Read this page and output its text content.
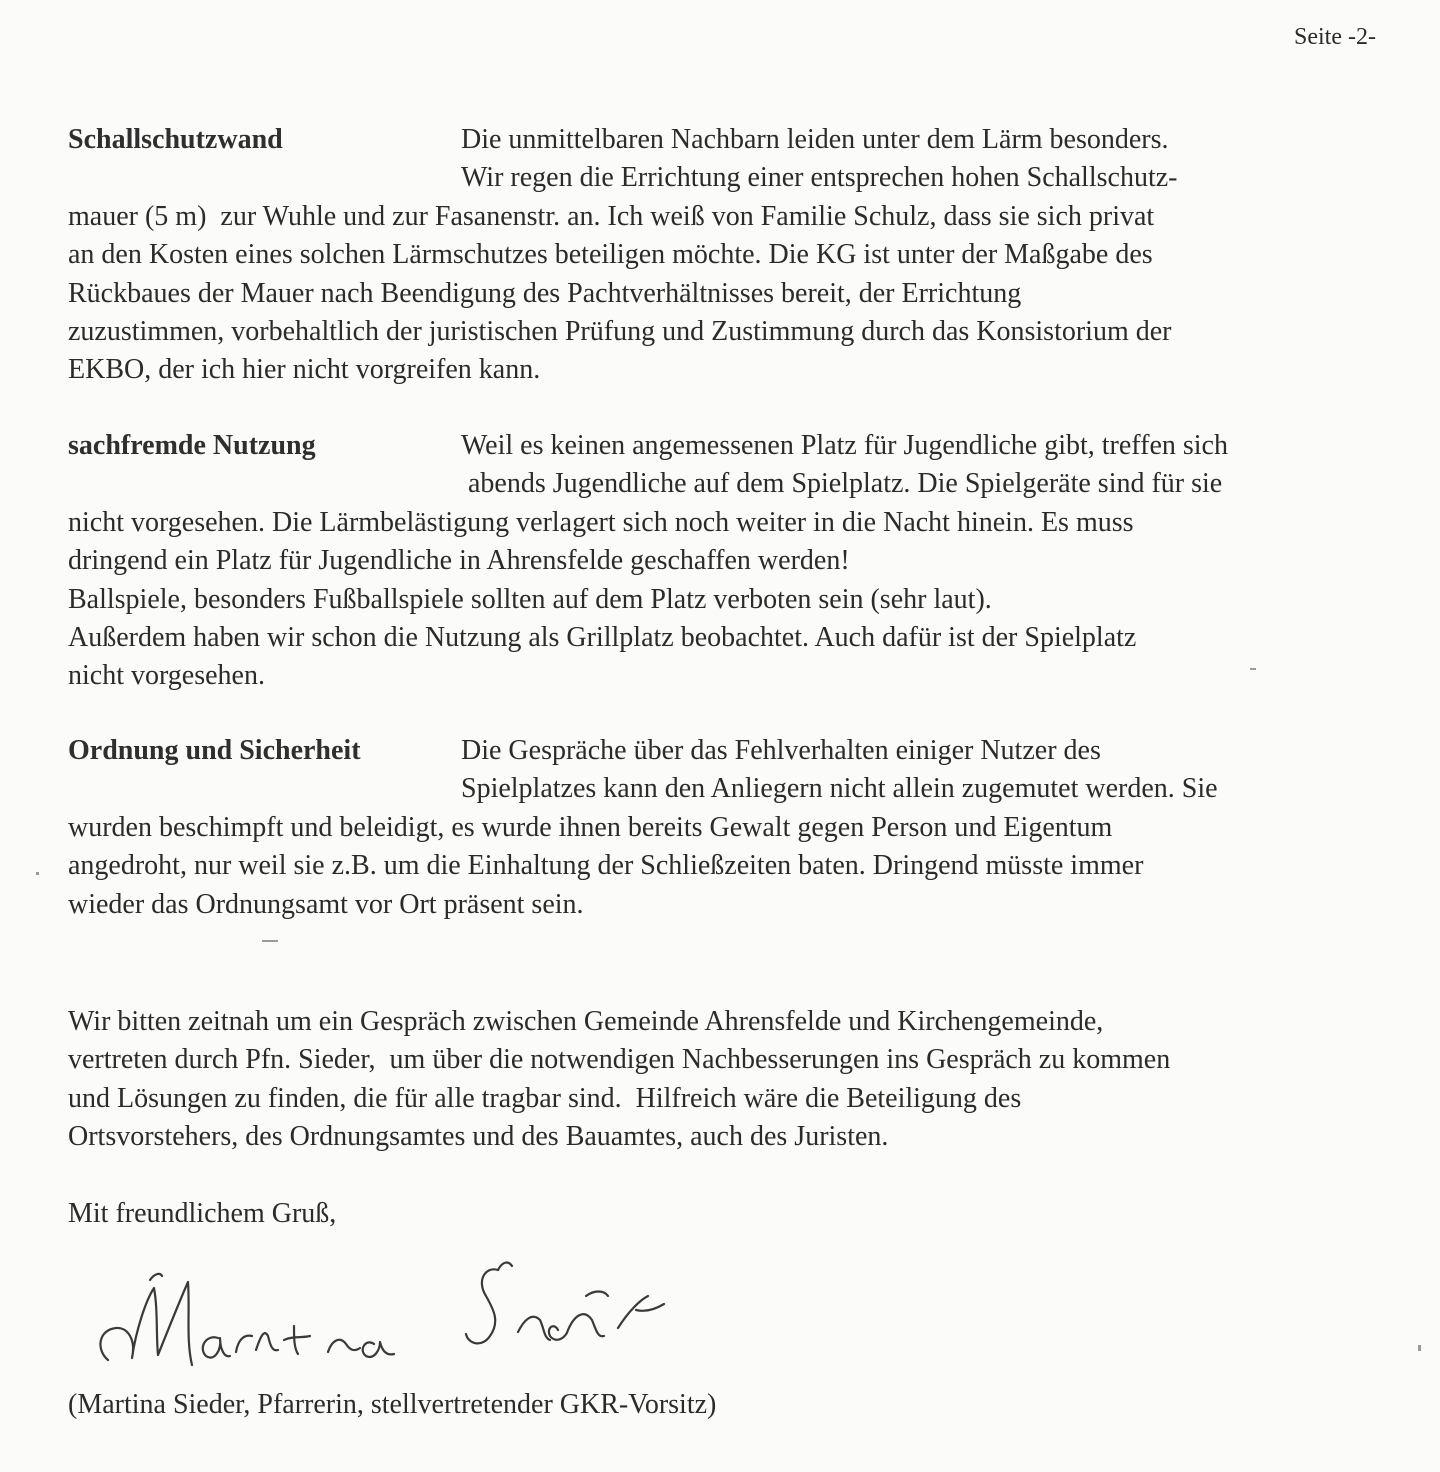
Seite -2-
Schallschutzwand	Die unmittelbaren Nachbarn leiden unter dem Lärm besonders.
Wir regen die Errichtung einer entsprechen hohen Schallschutz-
mauer (5 m)  zur Wuhle und zur Fasanenstr. an. Ich weiß von Familie Schulz, dass sie sich privat
an den Kosten eines solchen Lärmschutzes beteiligen möchte. Die KG ist unter der Maßgabe des
Rückbaues der Mauer nach Beendigung des Pachtverhältnisses bereit, der Errichtung
zuzustimmen, vorbehaltlich der juristischen Prüfung und Zustimmung durch das Konsistorium der
EKBO, der ich hier nicht vorgreifen kann.
sachfremde Nutzung	Weil es keinen angemessenen Platz für Jugendliche gibt, treffen sich
abends Jugendliche auf dem Spielplatz. Die Spielgeräte sind für sie
nicht vorgesehen. Die Lärmbelästigung verlagert sich noch weiter in die Nacht hinein. Es muss
dringend ein Platz für Jugendliche in Ahrensfelde geschaffen werden!
Ballspiele, besonders Fußballspiele sollten auf dem Platz verboten sein (sehr laut).
Außerdem haben wir schon die Nutzung als Grillplatz beobachtet. Auch dafür ist der Spielplatz
nicht vorgesehen.
Ordnung und Sicherheit	Die Gespräche über das Fehlverhalten einiger Nutzer des
Spielplatzes kann den Anliegern nicht allein zugemutet werden. Sie
wurden beschimpft und beleidigt, es wurde ihnen bereits Gewalt gegen Person und Eigentum
angedroht, nur weil sie z.B. um die Einhaltung der Schließzeiten baten. Dringend müsste immer
wieder das Ordnungsamt vor Ort präsent sein.
Wir bitten zeitnah um ein Gespräch zwischen Gemeinde Ahrensfelde und Kirchengemeinde,
vertreten durch Pfn. Sieder,  um über die notwendigen Nachbesserungen ins Gespräch zu kommen
und Lösungen zu finden, die für alle tragbar sind.  Hilfreich wäre die Beteiligung des
Ortsvorstehers, des Ordnungsamtes und des Bauamtes, auch des Juristen.
Mit freundlichem Gruß,
(Martina Sieder, Pfarrerin, stellvertretender GKR-Vorsitz)
